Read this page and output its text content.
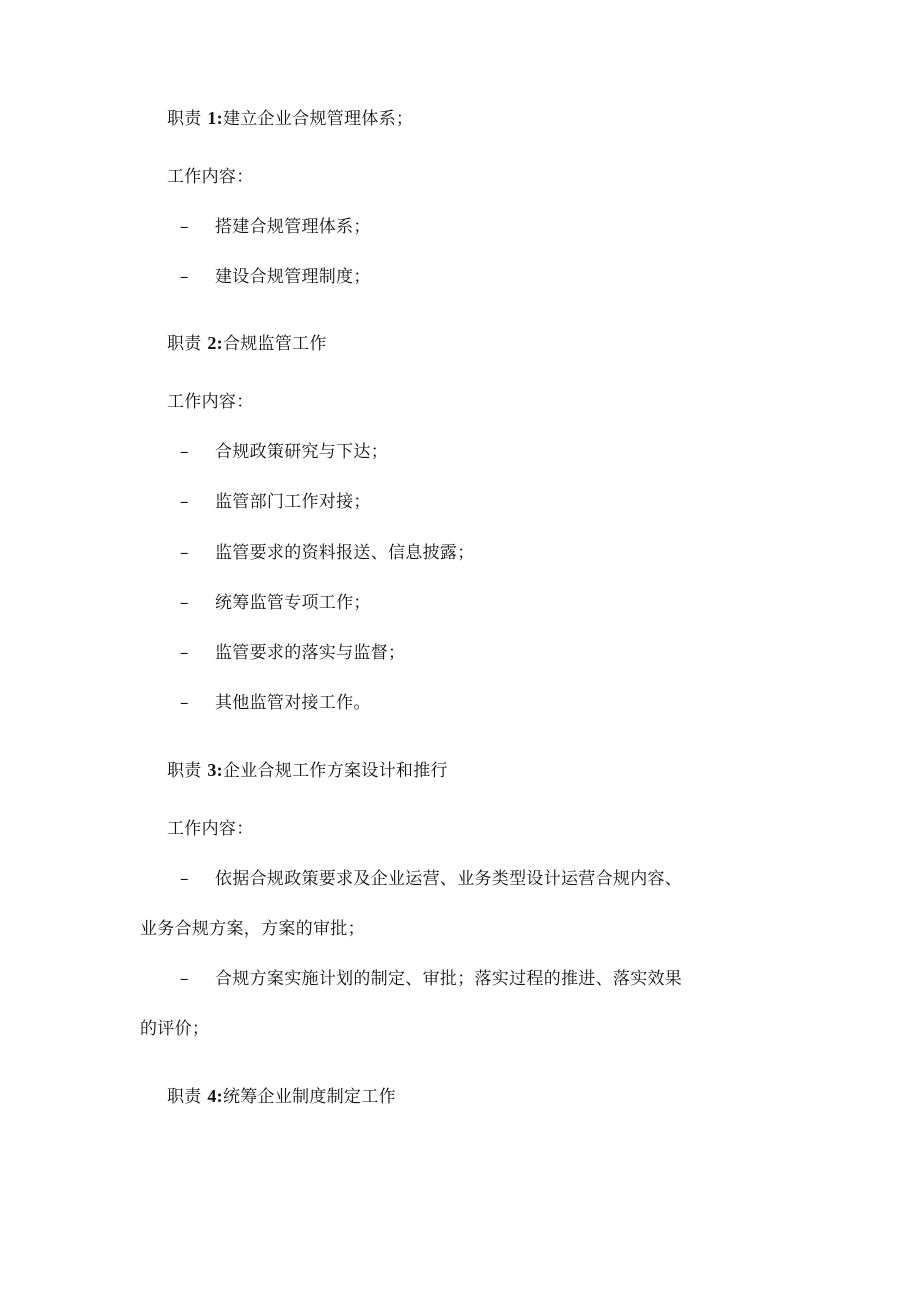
职责 1:建立企业合规管理体系；
工作内容：
– 搭建合规管理体系；
– 建设合规管理制度；
职责 2:合规监管工作
工作内容：
– 合规政策研究与下达；
– 监管部门工作对接；
– 监管要求的资料报送、信息披露；
– 统筹监管专项工作；
– 监管要求的落实与监督；
– 其他监管对接工作。
职责 3:企业合规工作方案设计和推行
工作内容：
– 依据合规政策要求及企业运营、业务类型设计运营合规内容、
业务合规方案，方案的审批；
– 合规方案实施计划的制定、审批；落实过程的推进、落实效果
的评价；
职责 4:统筹企业制度制定工作
